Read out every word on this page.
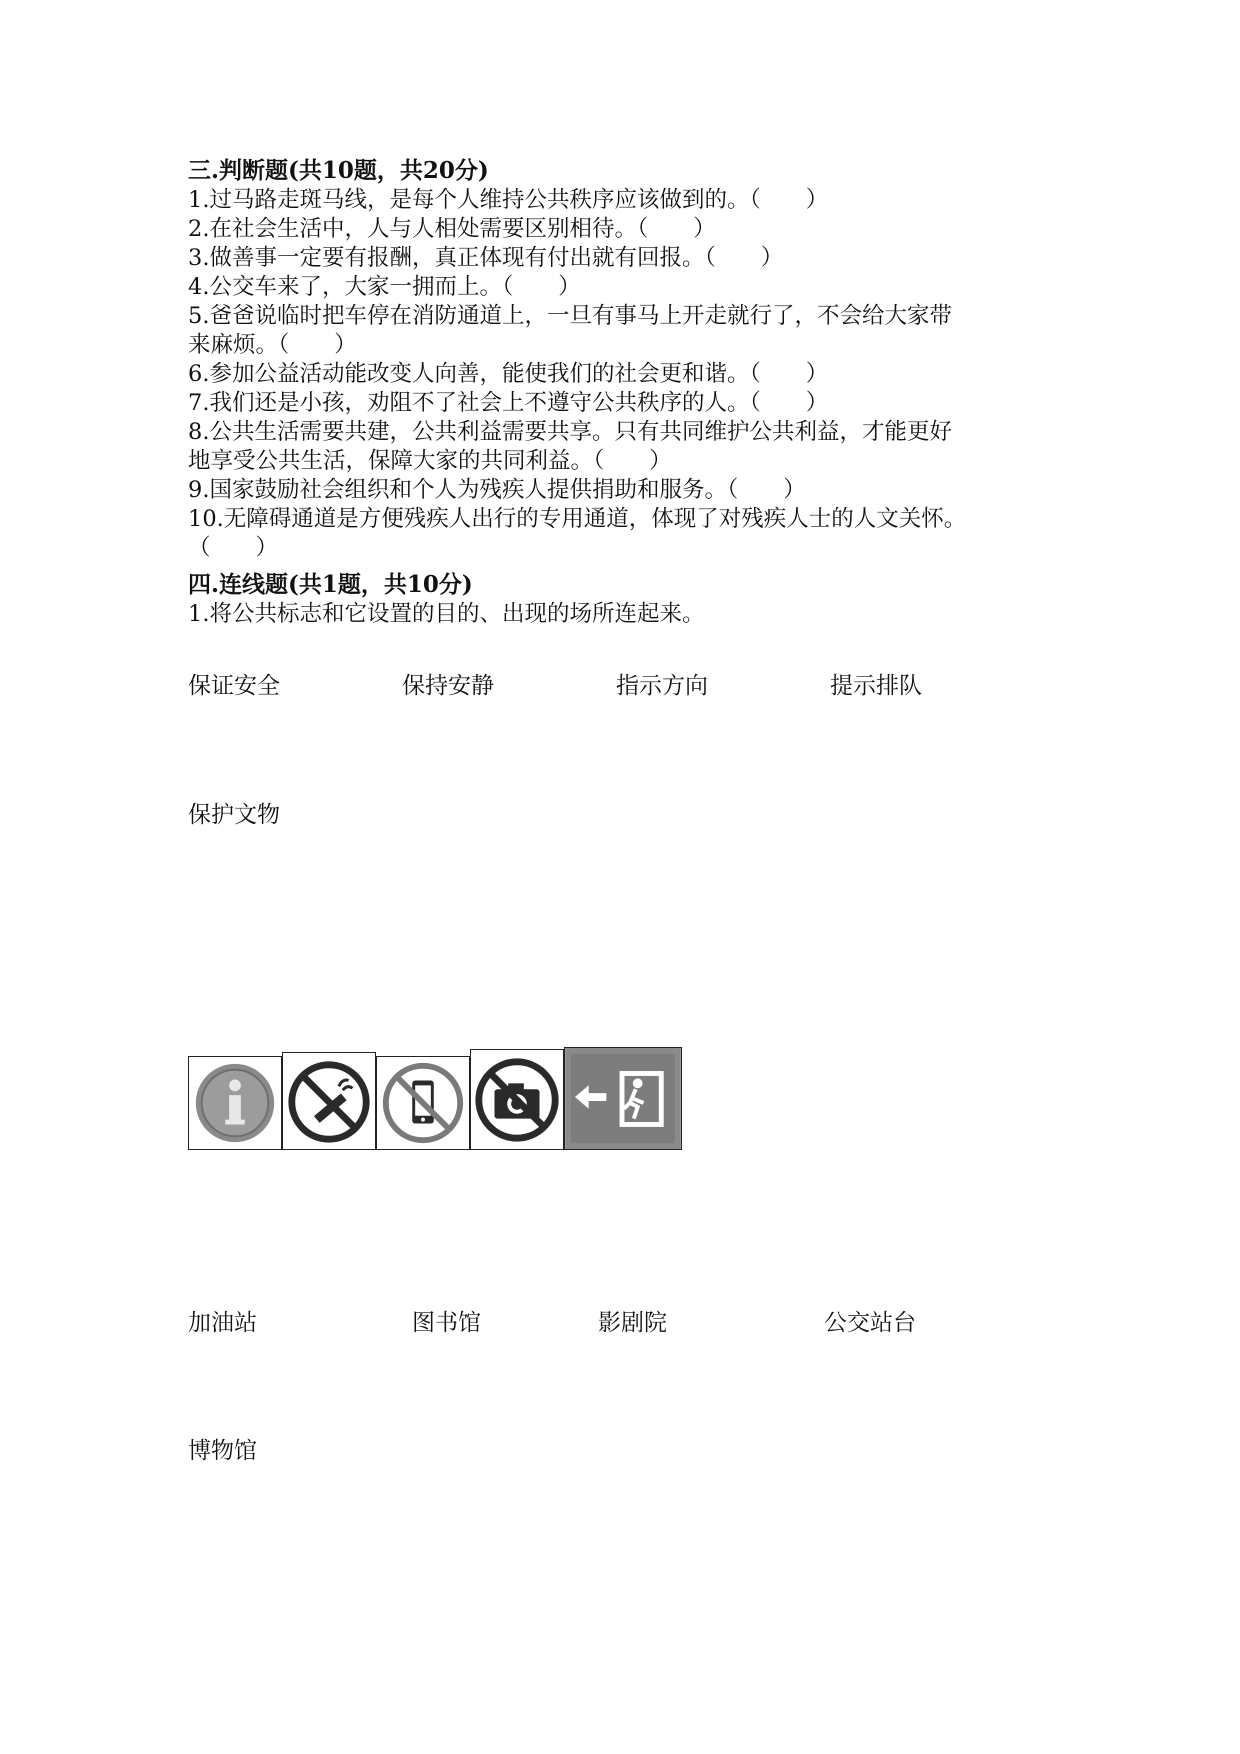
三.判断题(共10题，共20分)
1.过马路走斑马线，是每个人维持公共秩序应该做到的。（　　）
2.在社会生活中，人与人相处需要区别相待。（　　）
3.做善事一定要有报酬，真正体现有付出就有回报。（　　）
4.公交车来了，大家一拥而上。（　　）
5.爸爸说临时把车停在消防通道上，一旦有事马上开走就行了，不会给大家带
来麻烦。（　　）
6.参加公益活动能改变人向善，能使我们的社会更和谐。（　　）
7.我们还是小孩，劝阻不了社会上不遵守公共秩序的人。（　　）
8.公共生活需要共建，公共利益需要共享。只有共同维护公共利益，才能更好
地享受公共生活，保障大家的共同利益。（　　）
9.国家鼓励社会组织和个人为残疾人提供捐助和服务。（　　）
10.无障碍通道是方便残疾人出行的专用通道，体现了对残疾人士的人文关怀。
（　　）
四.连线题(共1题，共10分)
1.将公共标志和它设置的目的、出现的场所连起来。
保证安全	保持安静	指示方向	提示排队
保护文物
加油站	图书馆	影剧院	公交站台
博物馆
